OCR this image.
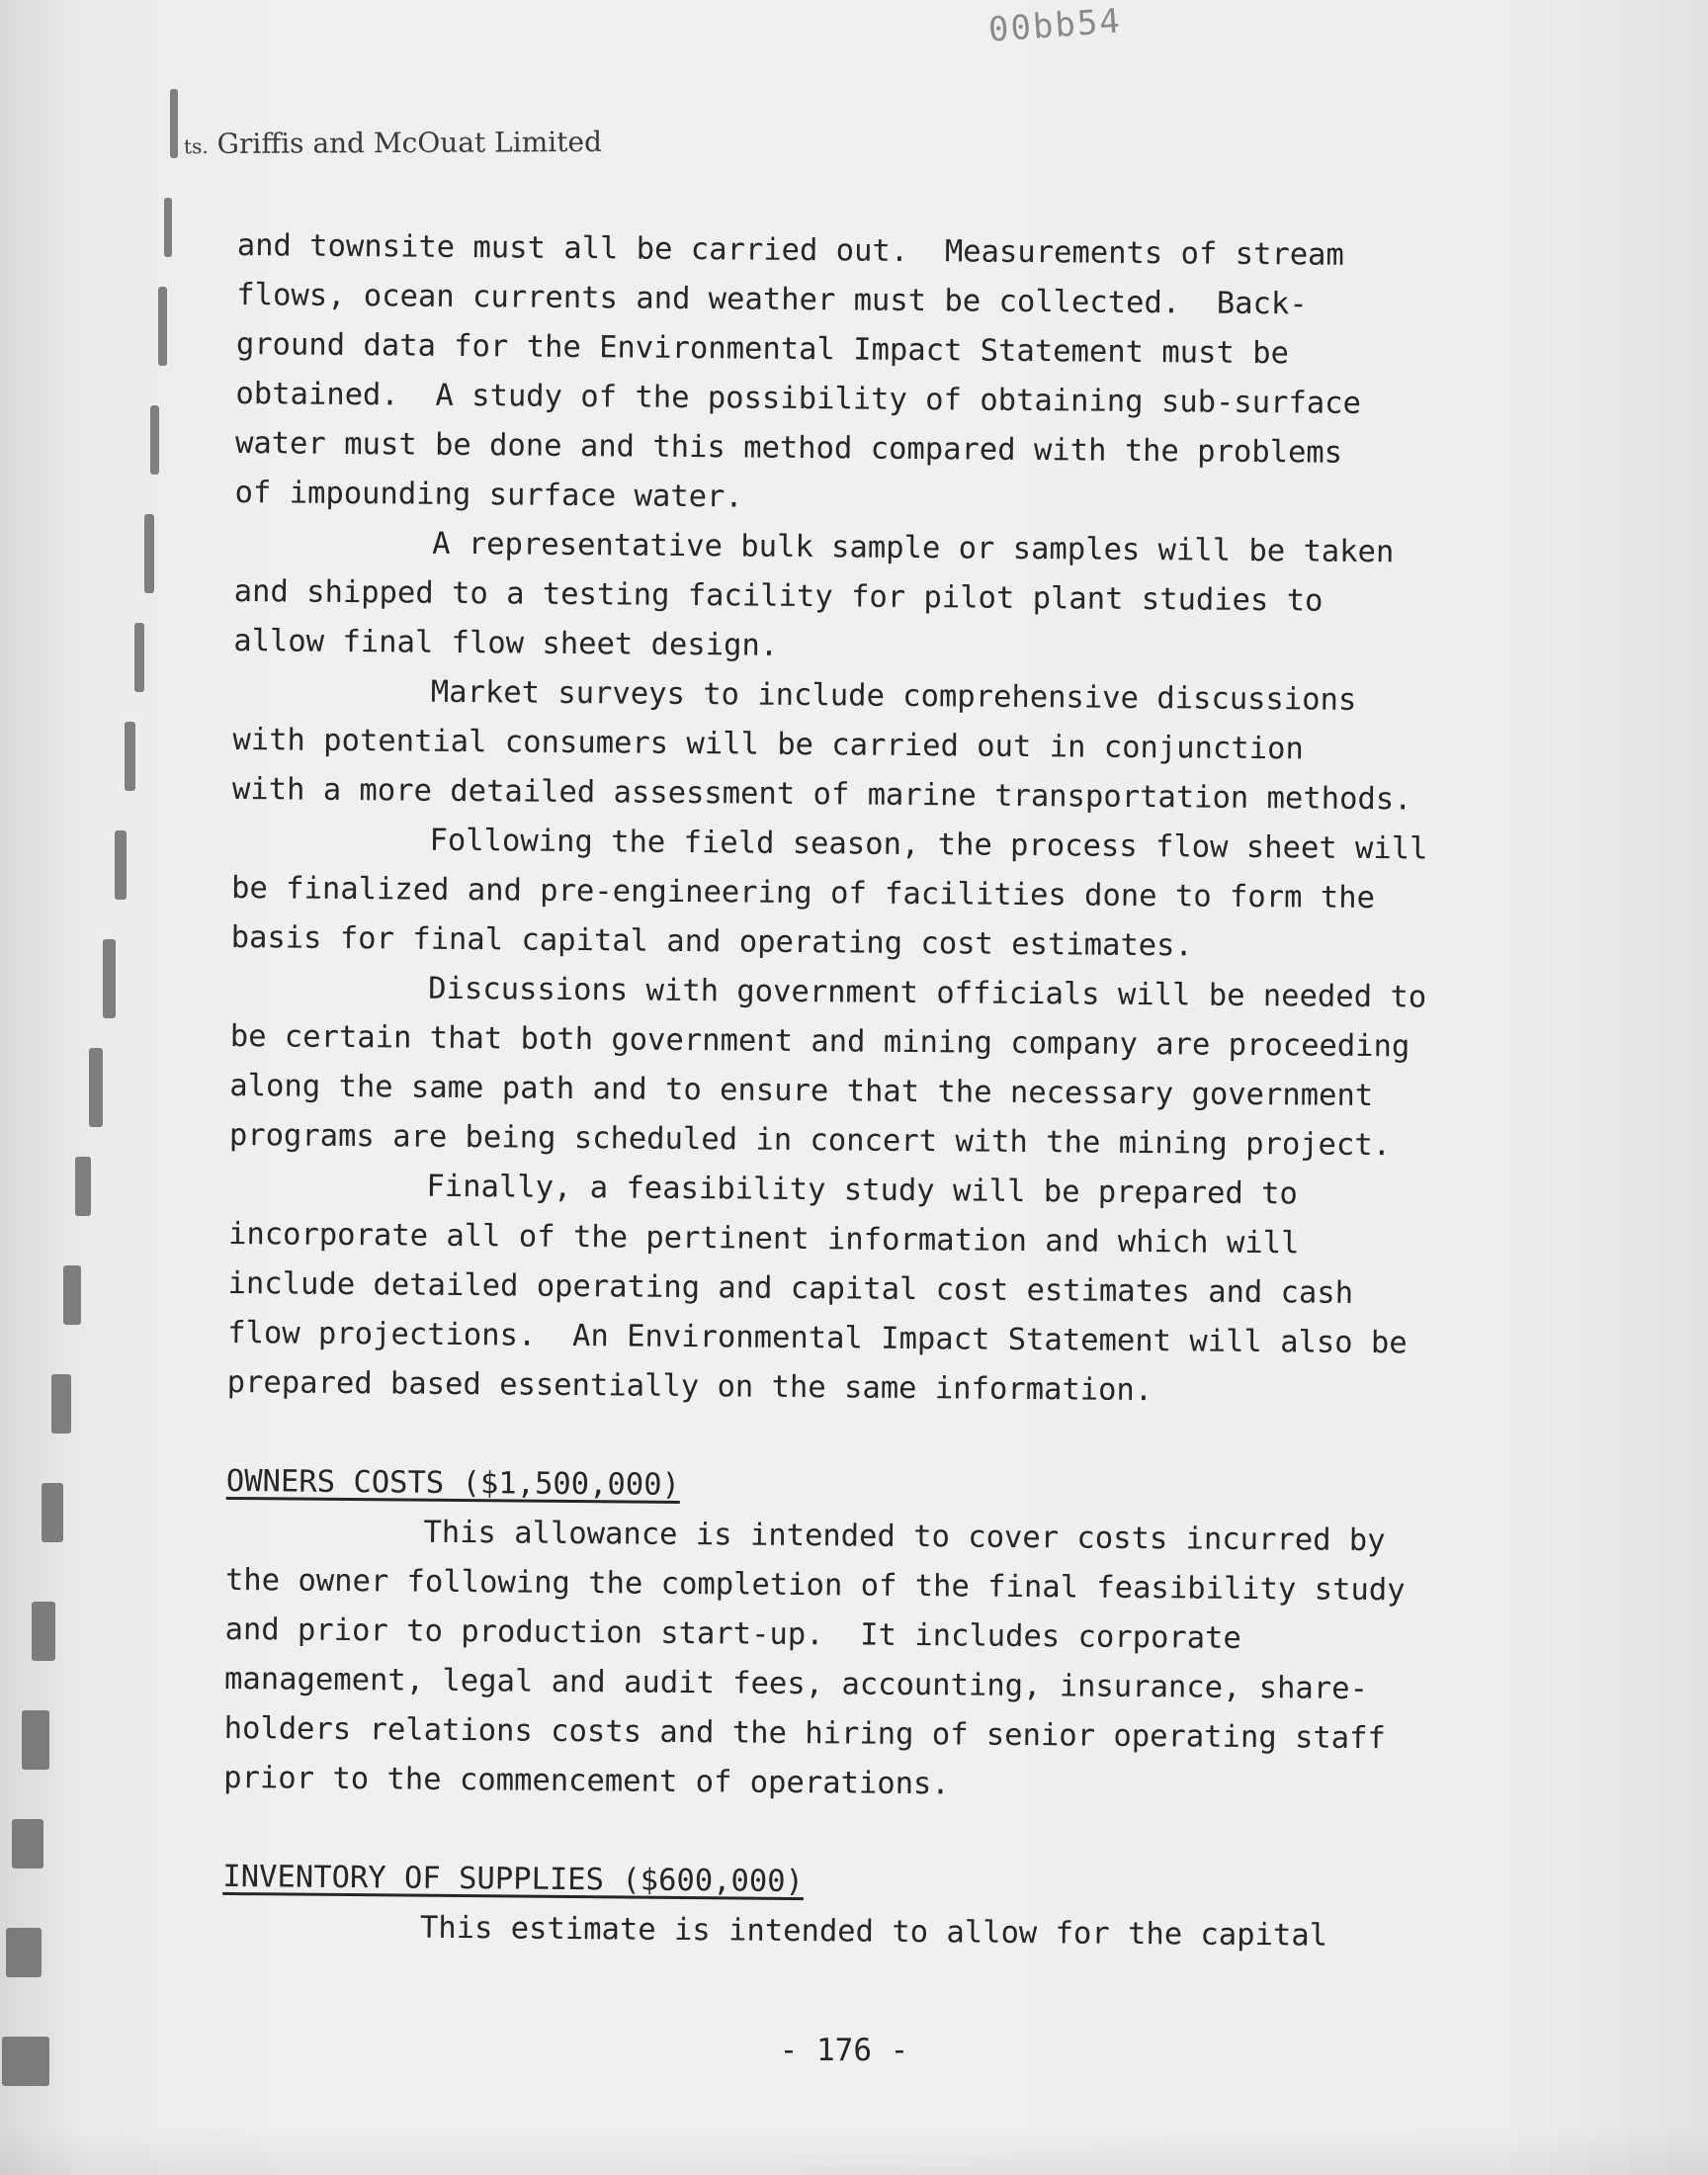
00bb54
ts. Griffis and McOuat Limited
and townsite must all be carried out.  Measurements of stream
flows, ocean currents and weather must be collected.  Back-
ground data for the Environmental Impact Statement must be
obtained.  A study of the possibility of obtaining sub-surface
water must be done and this method compared with the problems
of impounding surface water.
A representative bulk sample or samples will be taken
and shipped to a testing facility for pilot plant studies to
allow final flow sheet design.
Market surveys to include comprehensive discussions
with potential consumers will be carried out in conjunction
with a more detailed assessment of marine transportation methods.
Following the field season, the process flow sheet will
be finalized and pre-engineering of facilities done to form the
basis for final capital and operating cost estimates.
Discussions with government officials will be needed to
be certain that both government and mining company are proceeding
along the same path and to ensure that the necessary government
programs are being scheduled in concert with the mining project.
Finally, a feasibility study will be prepared to
incorporate all of the pertinent information and which will
include detailed operating and capital cost estimates and cash
flow projections.  An Environmental Impact Statement will also be
prepared based essentially on the same information.
OWNERS COSTS ($1,500,000)
This allowance is intended to cover costs incurred by
the owner following the completion of the final feasibility study
and prior to production start-up.  It includes corporate
management, legal and audit fees, accounting, insurance, share-
holders relations costs and the hiring of senior operating staff
prior to the commencement of operations.
INVENTORY OF SUPPLIES ($600,000)
This estimate is intended to allow for the capital
- 176 -
